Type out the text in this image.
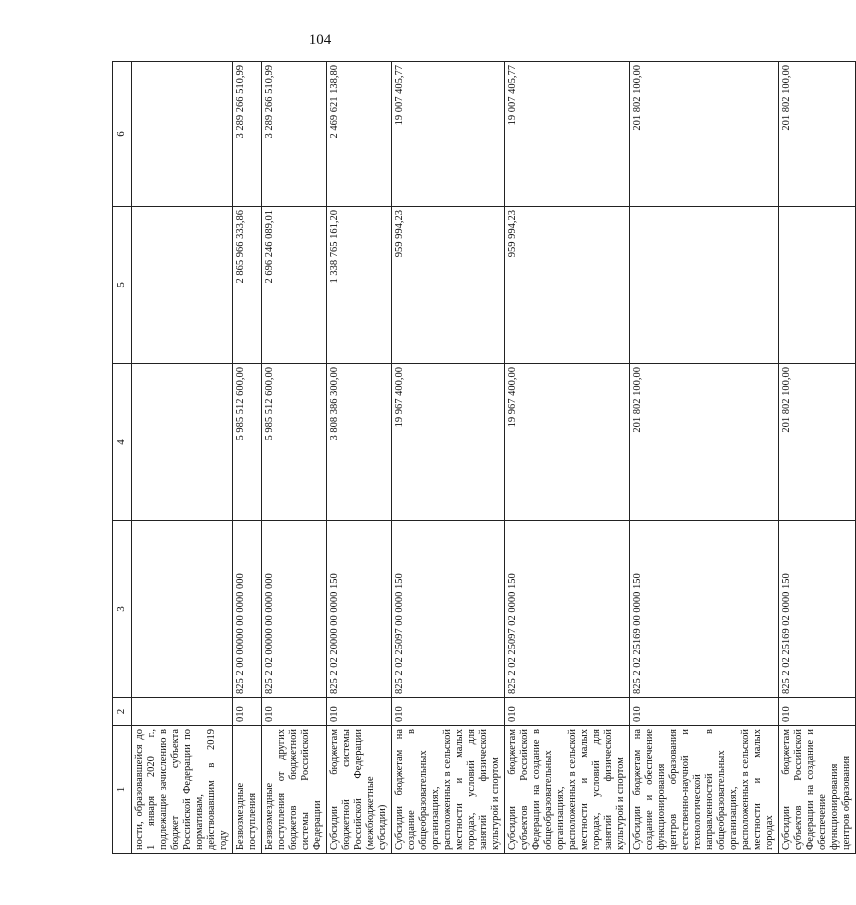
104
1	2	3	4	5	6
ности, образовавшейся до 1 января 2020 г., подлежащие зачислению в бюджет субъекта Российской Федерации по нормативам, действовавшим в 2019 году					
Безвозмездные поступления	010	825 2 00 00000 00 0000 000	5 985 512 600,00	2 865 966 333,86	3 289 266 510,99
Безвозмездные поступления от других бюджетов бюджетной системы Российской Федерации	010	825 2 02 00000 00 0000 000	5 985 512 600,00	2 696 246 089,01	3 289 266 510,99
Субсидии бюджетам бюджетной системы Российской Федерации (межбюджетные субсидии)	010	825 2 02 20000 00 0000 150	3 808 386 300,00	1 338 765 161,20	2 469 621 138,80
Субсидии бюджетам на создание в общеобразовательных организациях, расположенных в сельской местности и малых городах, условий для занятий физической культурой и спортом	010	825 2 02 25097 00 0000 150	19 967 400,00	959 994,23	19 007 405,77
Субсидии бюджетам субъектов Российской Федерации на создание в общеобразовательных организациях, расположенных в сельской местности и малых городах, условий для занятий физической культурой и спортом	010	825 2 02 25097 02 0000 150	19 967 400,00	959 994,23	19 007 405,77
Субсидии бюджетам на создание и обеспечение функционирования центров образования естественно-научной и технологической направленностей в общеобразовательных организациях, расположенных в сельской местности и малых городах	010	825 2 02 25169 00 0000 150	201 802 100,00		201 802 100,00
Субсидии бюджетам субъектов Российской Федерации на создание и обеспечение функционирования центров образования	010	825 2 02 25169 02 0000 150	201 802 100,00		201 802 100,00
